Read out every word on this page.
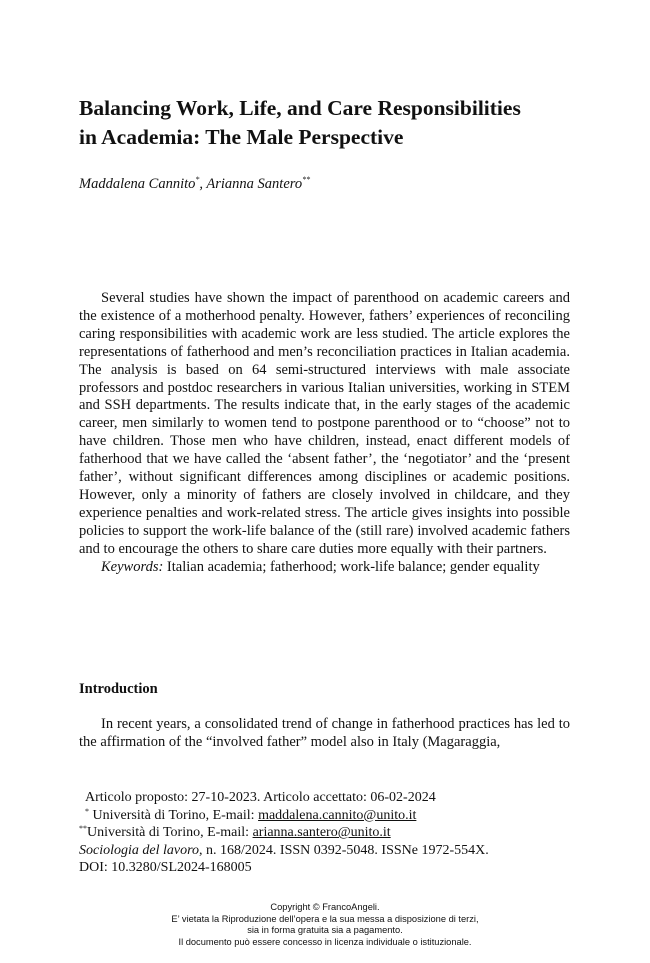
Balancing Work, Life, and Care Responsibilities
in Academia: The Male Perspective

Maddalena Cannito*, Arianna Santero**

Several studies have shown the impact of parenthood on academic careers and the existence of a motherhood penalty. However, fathers’ experiences of reconciling caring responsibilities with academic work are less studied. The article explores the representations of fatherhood and men’s reconciliation practices in Italian academia. The analysis is based on 64 semi-structured interviews with male associate professors and postdoc researchers in various Italian universities, working in STEM and SSH departments. The results indicate that, in the early stages of the academic career, men similarly to women tend to postpone parenthood or to “choose” not to have children. Those men who have children, instead, enact different models of fatherhood that we have called the ‘absent father’, the ‘negotiator’ and the ‘present father’, without significant differences among disciplines or academic positions. However, only a minority of fathers are closely involved in childcare, and they experience penalties and work-related stress. The article gives insights into possible policies to support the work-life balance of the (still rare) involved academic fathers and to encourage the others to share care duties more equally with their partners.
Keywords: Italian academia; fatherhood; work-life balance; gender equality
Introduction

In recent years, a consolidated trend of change in fatherhood practices has led to the affirmation of the “involved father” model also in Italy (Magaraggia,

Articolo proposto: 27-10-2023. Articolo accettato: 06-02-2024
* Università di Torino, E-mail: maddalena.cannito@unito.it
**Università di Torino, E-mail: arianna.santero@unito.it
Sociologia del lavoro, n. 168/2024. ISSN 0392-5048. ISSNe 1972-554X.
DOI: 10.3280/SL2024-168005
Copyright © FrancoAngeli.
E’ vietata la Riproduzione dell’opera e la sua messa a disposizione di terzi,
sia in forma gratuita sia a pagamento.
Il documento può essere concesso in licenza individuale o istituzionale.
